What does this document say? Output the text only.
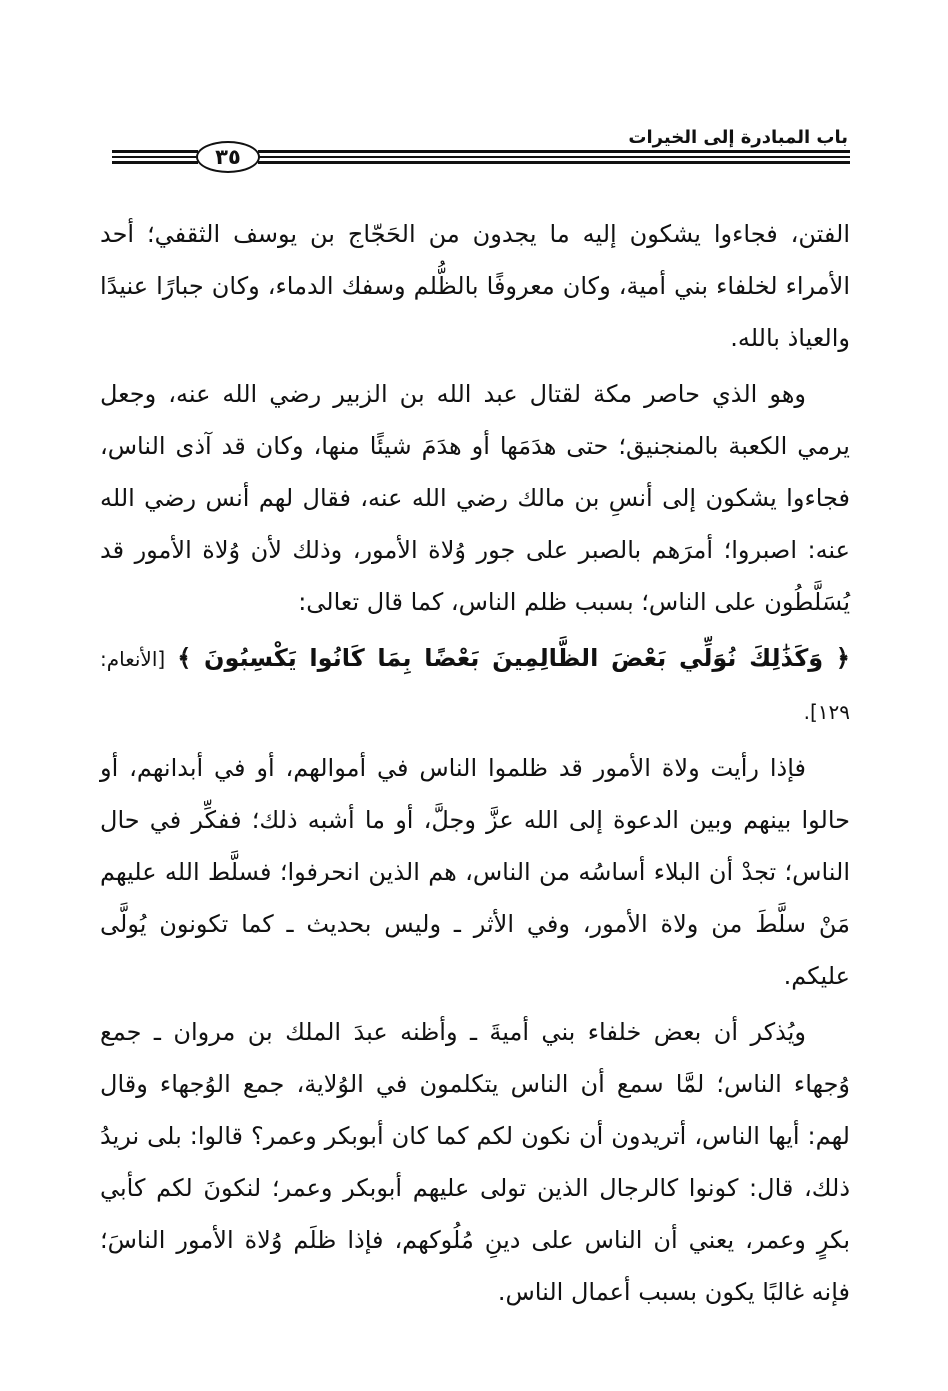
باب المبادرة إلى الخيرات
٣٥

الفتن، فجاءوا يشكون إليه ما يجدون من الحَجّاج بن يوسف الثقفي؛ أحد الأمراء لخلفاء بني أمية، وكان معروفًا بالظُّلم وسفك الدماء، وكان جبارًا عنيدًا والعياذ بالله.

وهو الذي حاصر مكة لقتال عبد الله بن الزبير رضي الله عنه، وجعل يرمي الكعبة بالمنجنيق؛ حتى هدَمَها أو هدَمَ شيئًا منها، وكان قد آذى الناس، فجاءوا يشكون إلى أنسِ بن مالك رضي الله عنه، فقال لهم أنس رضي الله عنه: اصبروا؛ أمرَهم بالصبر على جور وُلاة الأمور، وذلك لأن وُلاة الأمور قد يُسَلَّطُون على الناس؛ بسبب ظلم الناس، كما قال تعالى:

﴿ وَكَذَٰلِكَ نُوَلِّي بَعْضَ الظَّالِمِينَ بَعْضًا بِمَا كَانُوا يَكْسِبُونَ ﴾ [الأنعام: ١٢٩].

فإذا رأيت ولاة الأمور قد ظلموا الناس في أموالهم، أو في أبدانهم، أو حالوا بينهم وبين الدعوة إلى الله عزَّ وجلَّ، أو ما أشبه ذلك؛ ففكِّر في حال الناس؛ تجدْ أن البلاء أساسُه من الناس، هم الذين انحرفوا؛ فسلَّط الله عليهم مَنْ سلَّطَ من ولاة الأمور، وفي الأثر ـ وليس بحديث ـ كما تكونون يُولَّى عليكم.

ويُذكر أن بعض خلفاء بني أميةَ ـ وأظنه عبدَ الملك بن مروان ـ جمع وُجهاء الناس؛ لمَّا سمع أن الناس يتكلمون في الوُلاية، جمع الوُجهاء وقال لهم: أيها الناس، أتريدون أن نكون لكم كما كان أبوبكر وعمر؟ قالوا: بلى نريدُ ذلك، قال: كونوا كالرجال الذين تولى عليهم أبوبكر وعمر؛ لنكونَ لكم كأبي بكرٍ وعمر، يعني أن الناس على دينِ مُلُوكهم، فإذا ظلَم وُلاة الأمور الناسَ؛ فإنه غالبًا يكون بسبب أعمال الناس.
